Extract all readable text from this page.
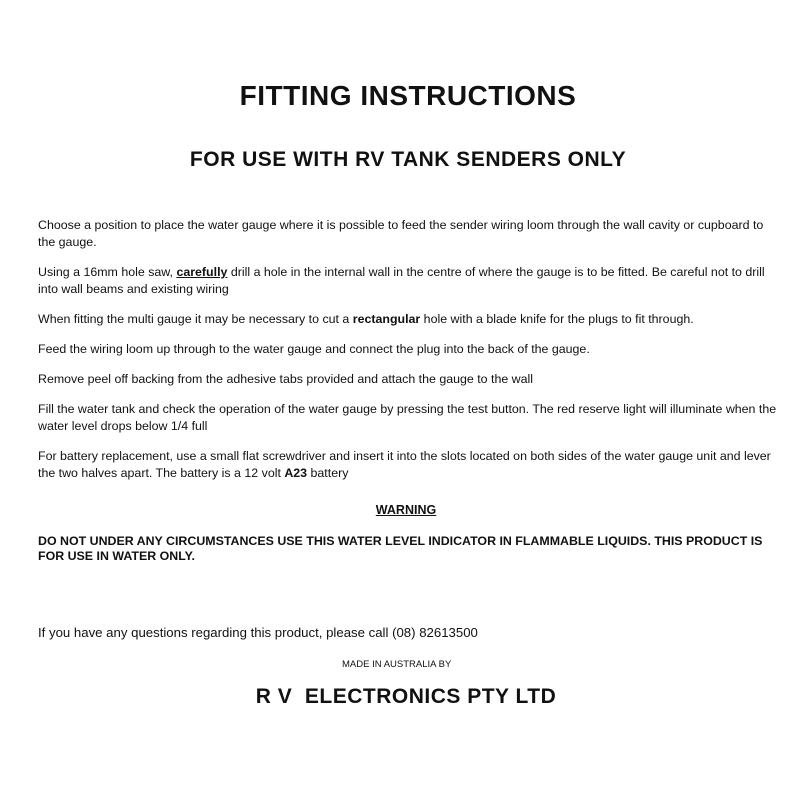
FITTING INSTRUCTIONS
FOR USE WITH RV TANK SENDERS ONLY

Choose a position to place the water gauge where it is possible to feed the sender wiring loom through the wall cavity or cupboard to the gauge.

Using a 16mm hole saw, carefully drill a hole in the internal wall in the centre of where the gauge is to be fitted. Be careful not to drill into wall beams and existing wiring

When fitting the multi gauge it may be necessary to cut a rectangular hole with a blade knife for the plugs to fit through.

Feed the wiring loom up through to the water gauge and connect the plug into the back of the gauge.

Remove peel off backing from the adhesive tabs provided and attach the gauge to the wall

Fill the water tank and check the operation of the water gauge by pressing the test button. The red reserve light will illuminate when the water level drops below 1/4 full

For battery replacement, use a small flat screwdriver and insert it into the slots located on both sides of the water gauge unit and lever the two halves apart. The battery is a 12 volt A23 battery

WARNING
DO NOT UNDER ANY CIRCUMSTANCES USE THIS WATER LEVEL INDICATOR IN FLAMMABLE LIQUIDS. THIS PRODUCT IS FOR USE IN WATER ONLY.
If you have any questions regarding this product, please call (08) 82613500
MADE IN AUSTRALIA BY
R V  ELECTRONICS PTY LTD
